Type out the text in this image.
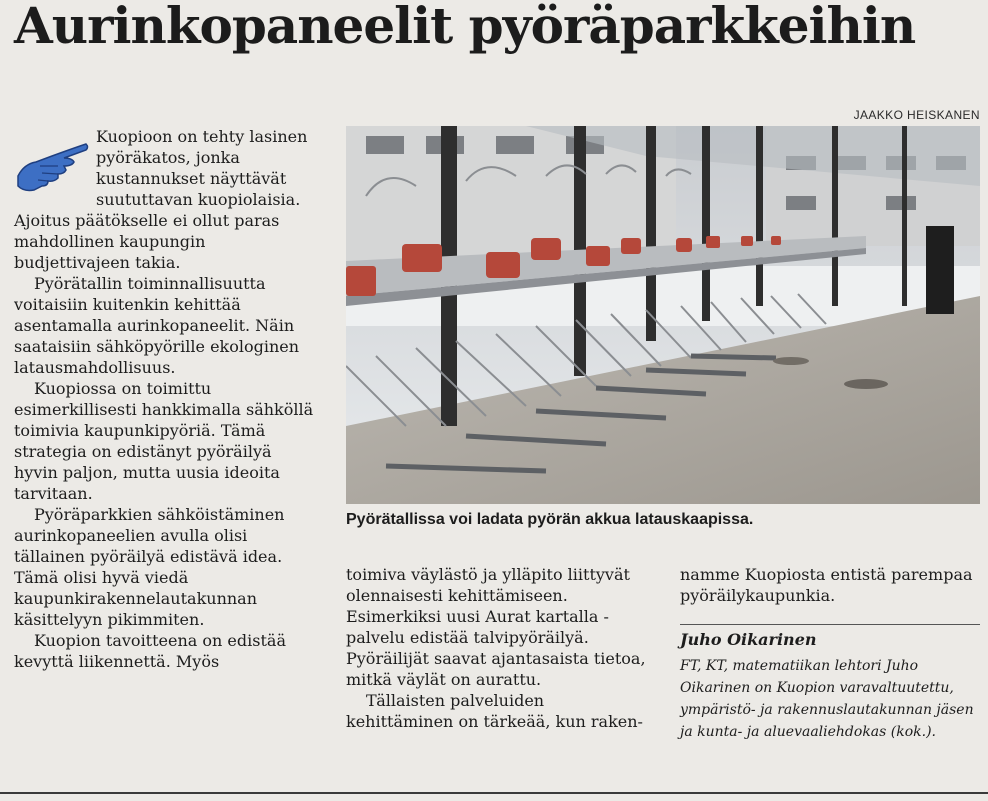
Aurinkopaneelit pyöräparkkeihin
JAAKKO HEISKANEN

Kuopioon on tehty lasinen pyöräkatos, jonka kustannukset näyttävät suututtavan kuopiolaisia. Ajoitus päätökselle ei ollut paras mahdollinen kaupungin budjettivajeen takia.

Pyörätallin toiminnallisuutta voitaisiin kuitenkin kehittää asentamalla aurinkopaneelit. Näin saataisiin sähköpyörille ekologinen latausmahdollisuus.

Kuopiossa on toimittu esimerkillisesti hankkimalla sähköllä toimivia kaupunkipyöriä. Tämä strategia on edistänyt pyöräilyä hyvin paljon, mutta uusia ideoita tarvitaan.

Pyöräparkkien sähköistäminen aurinkopaneelien avulla olisi tällainen pyöräilyä edistävä idea. Tämä olisi hyvä viedä kaupunkirakennelautakunnan käsittelyyn pikimmiten.

Kuopion tavoitteena on edistää kevyttä liikennettä. Myös

Pyörätallissa voi ladata pyörän akkua latauskaapissa.

toimiva väylästö ja ylläpito liittyvät olennaisesti kehittämiseen. Esimerkiksi uusi Aurat kartalla -palvelu edistää talvipyöräilyä. Pyöräilijät saavat ajantasaista tietoa, mitkä väylät on aurattu.

Tällaisten palveluiden kehittäminen on tärkeää, kun raken-

namme Kuopiosta entistä parempaa pyöräilykaupunkia.

Juho Oikarinen
FT, KT, matematiikan lehtori Juho Oikarinen on Kuopion varavaltuutettu, ympäristö- ja rakennuslautakunnan jäsen ja kunta- ja aluevaaliehdokas (kok.).
